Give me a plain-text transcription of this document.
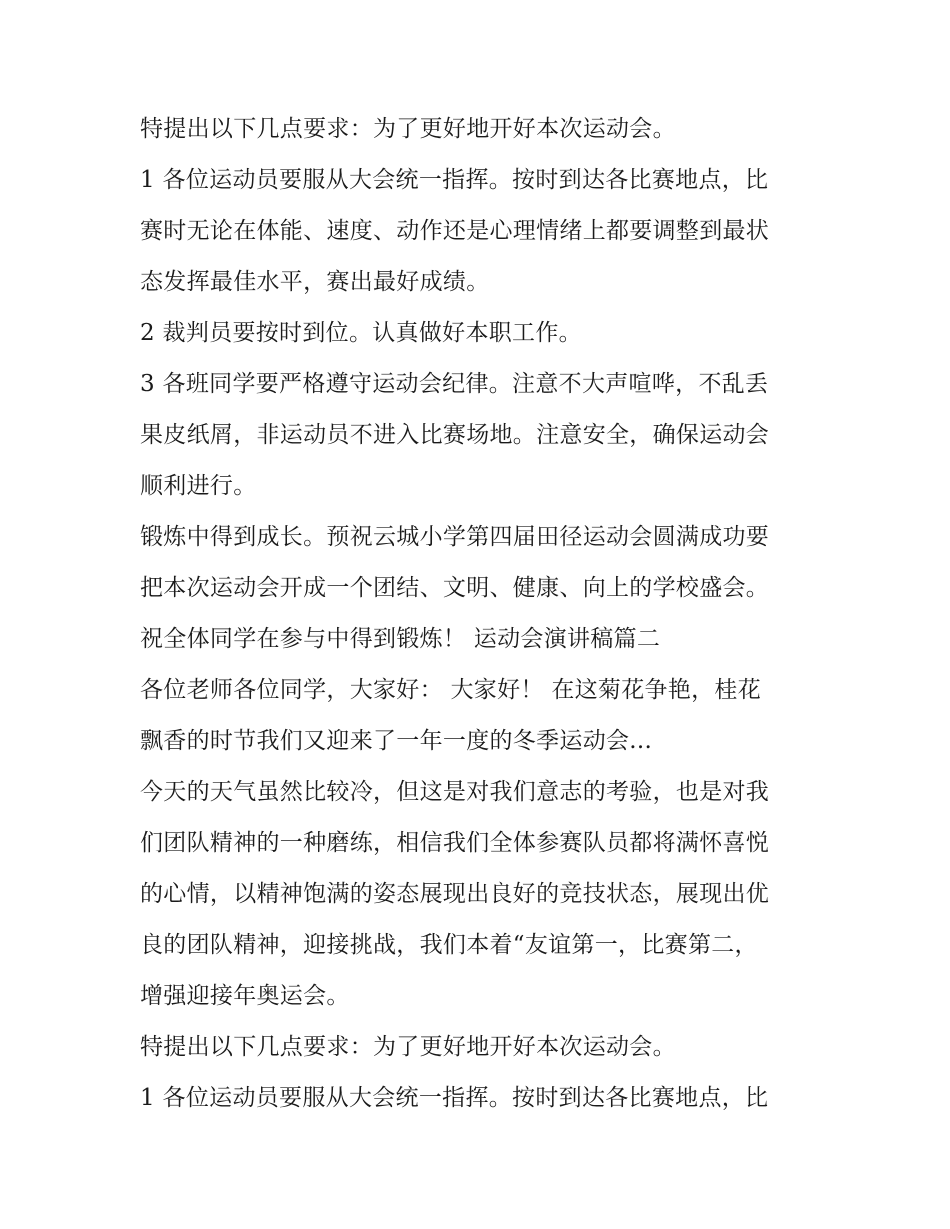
特提出以下几点要求：为了更好地开好本次运动会。
1 各位运动员要服从大会统一指挥。按时到达各比赛地点，比
赛时无论在体能、速度、动作还是心理情绪上都要调整到最状
态发挥最佳水平，赛出最好成绩。
2 裁判员要按时到位。认真做好本职工作。
3 各班同学要严格遵守运动会纪律。注意不大声喧哗，不乱丢
果皮纸屑，非运动员不进入比赛场地。注意安全，确保运动会
顺利进行。
锻炼中得到成长。预祝云城小学第四届田径运动会圆满成功要
把本次运动会开成一个团结、文明、健康、向上的学校盛会。
祝全体同学在参与中得到锻炼！ 运动会演讲稿篇二
各位老师各位同学，大家好： 大家好！ 在这菊花争艳，桂花
飘香的时节我们又迎来了一年一度的冬季运动会...
今天的天气虽然比较冷，但这是对我们意志的考验，也是对我
们团队精神的一种磨练，相信我们全体参赛队员都将满怀喜悦
的心情，以精神饱满的姿态展现出良好的竞技状态，展现出优
良的团队精神，迎接挑战，我们本着“友谊第一，比赛第二，
增强迎接年奥运会。
特提出以下几点要求：为了更好地开好本次运动会。
1 各位运动员要服从大会统一指挥。按时到达各比赛地点，比
